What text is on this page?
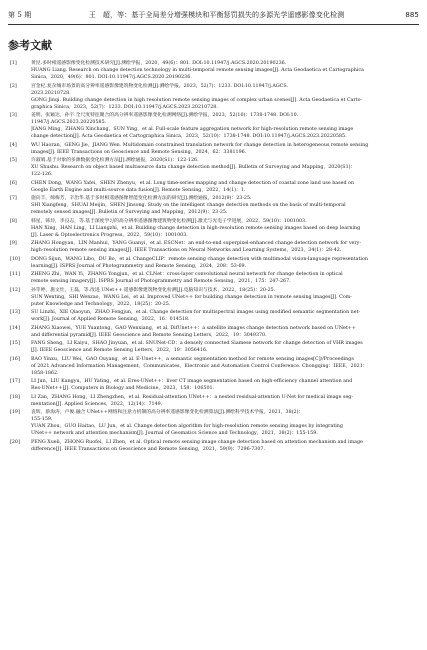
第 5 期	王　超，等：基于全局差分增强模块和平衡惩罚损失的多源光学遥感影像变化检测	885
参考文献
[1]	黄昆.多时相遥感影像变化检测技术研究[J].测绘学报，2020，49(6)：801. DOI:10.11947/j.AGCS.2020.20190236.
HUANG Liang. Research on change detection technology in multi-temporal remote sensing images[J]. Acta Geodaetica et Cartographica
Sinica，2020，49(6)：801. DOI:10.11947/j.AGCS.2020.20190236.
[2]	宫金杞.复杂城市场景的高分辨率遥感影像建筑物变化检测[J].测绘学报，2023，52(7)：1233. DOI:10.11947/j.AGCS.
2023.20210728.
GONG Jinqi. Building change detection in high resolution remote sensing images of complex urban scenes[J]. Acta Geodaetica et Carto-
graphica Sinica，2023，52(7)：1233. DOI:10.11947/j.AGCS.2023.20210728.
[3]	姜明，张颖达，孙宇.全尺度特征聚合的高分辨率遥感影像变化检测网络[J].测绘学报，2023，52(10)：1738-1748. DOI:10.
11947/j.AGCS.2023.20220585.
JIANG Ming，ZHANG Xinchang，SUN Ying，et al. Full-scale feature aggregation network for high-resolution remote sensing image
change detection[J]. Acta Geodaetica et Cartographica Sinica，2023，52(10)：1738-1748. DOI:10.11947/j.AGCS.2023.20220585.
[4]	WU Haoran，GENG Jie，JIANG Wen. Multidomain constrained translation network for change detection in heterogeneous remote sensing
images[J]. IEEE Transactions on Geoscience and Remote Sensing，2024，62：3381196.
[5]	许淑娟.基于对象的多源数据变化检测方法[J].测绘通报，2020(S1)：122-126.
XU Shushu. Research on object based multisource data change detection method[J]. Bulletin of Surveying and Mapping，2020(S1)：
122-126.
[6]	CHEN Dong，WANG Yafei，SHEN Zhenyu，et al. Long time-series mapping and change detection of coastal zone land use based on
Google Earth Engine and multi-source data fusion[J]. Remote Sensing，2022，14(1)：1.
[7]	施向丰，缔梅芳，辛治华.基于多时相遥感图像智能变化检测方法的研究[J].测绘通报，2012(9)：23-25.
SHI Xiangfeng，SHUAI Meijin，SHEN Jinsong. Study on the intelligent change detection methods on the basis of multi-temporal
remotely sensed images[J]. Bulletin of Surveying and Mapping，2012(9)：23-25.
[8]	韩星，韩玲，李良志，等.基于深度学习的高分辨率遥感图像建筑物变化检测[J].激光与光电子学进展，2022，59(10)：1001003.
HAN Xing，HAN Ling，LI Liangzhi，et al. Building change detection in high-resolution remote sensing images based on deep learning
[J]. Laser & Optoelectronics Progress，2022，59(10)：1001003.
[9]	ZHANG Hongyan，LIN Manhui，YANG Guanyi，et al. ESCNet：an end-to-end superpixel-enhanced change detection network for very-
high-resolution remote sensing images[J]. IEEE Transactions on Neural Networks and Learning Systems，2023，34(1)：28-42.
[10]	DONG Sijun，WANG Libo，DU Bo，et al. ChangeCLIP：remote sensing change detection with multimodal vision-language representation
learning[J]. ISPRS Journal of Photogrammetry and Remote Sensing，2024，208：53-69.
[11]	ZHENG Zhi，WAN Yi，ZHANG Yongjun，et al. CLNet：cross-layer convolutional neural network for change detection in optical
remote sensing imagery[J]. ISPRS Journal of Photogrammetry and Remote Sensing，2021，175：247-267.
[12]	孙苹婷，施文灶，王磊，等.改进 UNet++ 遥感影像建筑物变化检测[J].电脑知识与技术，2022，18(25)：20-25.
SUN Wenting，SHI Wenzao，WANG Lei，et al. Improved UNet++ for building change detection in remote sensing images[J]. Com-
puter Knowledge and Technology，2022，18(25)：20-25.
[13]	SU Linzhi，XIE Qiaoyun，ZHAO Fengjun，et al. Change detection for multispectral images using modified semantic segmentation net-
work[J]. Journal of Applied Remote Sensing，2022，16：014518.
[14]	ZHANG Xiaowei，YUE Yuantong，GAO Wenxiang，et al. DifUnet++：a satellite images change detection network based on UNet++
and differential pyramid[J]. IEEE Geoscience and Remote Sensing Letters，2022，19：3049370.
[15]	FANG Sheng，LI Kaiyu，SHAO Jinyuan，et al. SNUNet-CD：a densely connected Siamese network for change detection of VHR images
[J]. IEEE Geoscience and Remote Sensing Letters，2022，19：3056416.
[16]	BAO Yinxu，LIU Wei，GAO Ouyang，et al. E-Unet++，a semantic segmentation method for remote sensing images[C]//Proceedings
of 2021 Advanced Information Management，Communicates，Electronic and Automation Control Conference. Chongqing：IEEE，2021：
1858-1862.
[17]	LI Jun，LIU Kangyu，HU Yating，et al. Eres-UNet++：liver CT image segmentation based on high-efficiency channel attention and
Res-UNet++[J]. Computers in Biology and Medicine，2023，158：106501.
[18]	LI Zan，ZHANG Hong，LI Zhengzhen，et al. Residual-attention UNet++：a nested residual-attention U-Net for medical image seg-
mentation[J]. Applied Sciences，2022，12(14)：7149.
[19]	袁辉，蔡海涛，卢俊.融合 UNet++网络和注意力机制的高分辨率遥感影像变化检测算法[J].测绘科学技术学报，2021，38(2)：
155-159.
YUAN Zhou，GUO Haitao，LU Jun，et al. Change detection algorithm for high-resolution remote sensing images by integrating
UNet++ network and attention mechanism[J]. Journal of Geomatics Science and Technology，2021，38(2)：155-159.
[20]	PENG Xueli，ZHONG Ruofei，LI Zhen，et al. Optical remote sensing image change detection based on attention mechanism and image
difference[J]. IEEE Transactions on Geoscience and Remote Sensing，2021，59(9)：7296-7307.
